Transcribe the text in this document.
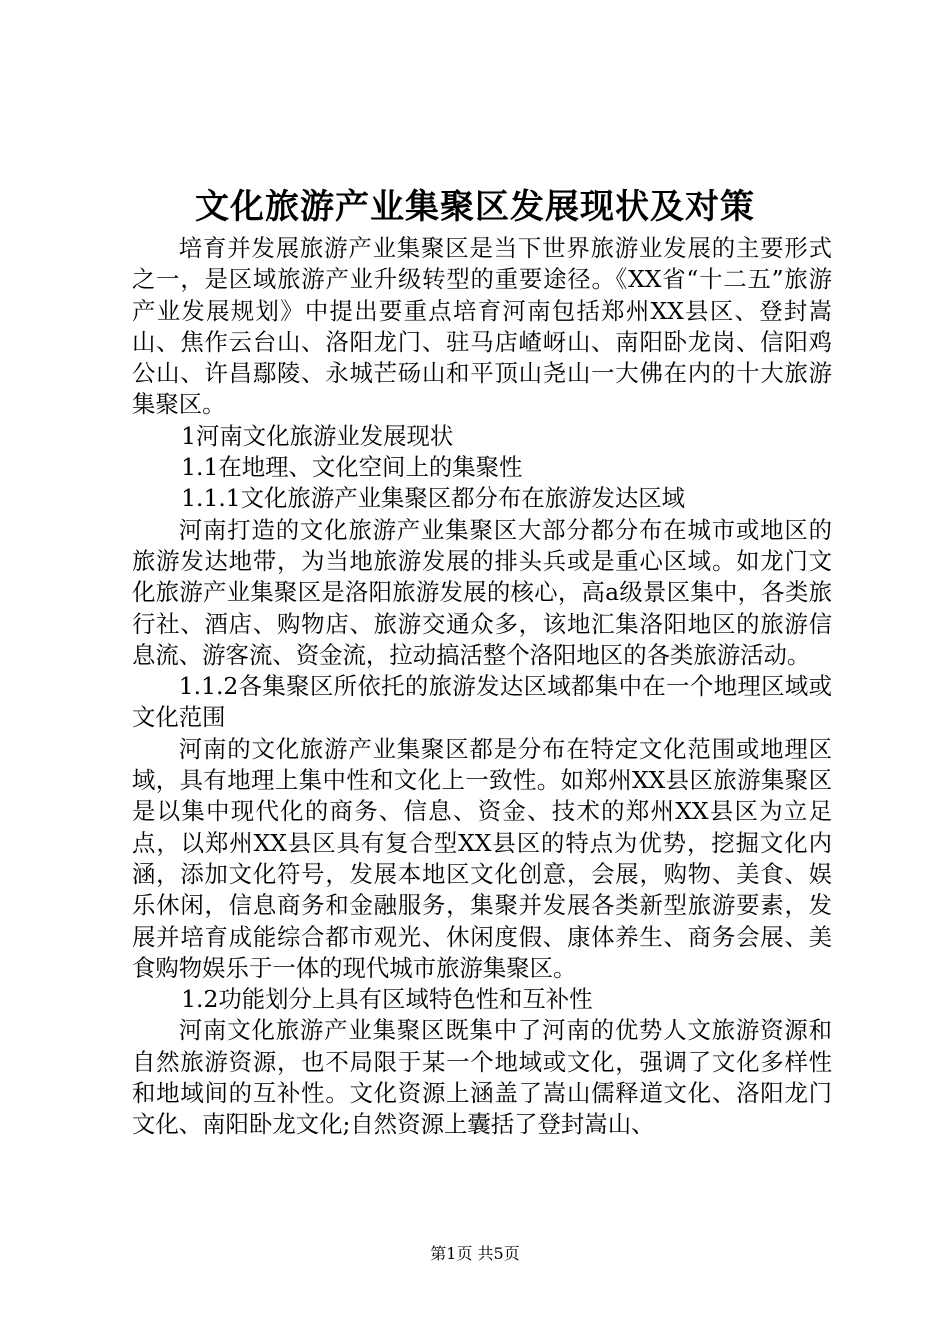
文化旅游产业集聚区发展现状及对策

培育并发展旅游产业集聚区是当下世界旅游业发展的主要形式之一，是区域旅游产业升级转型的重要途径。《XX省“十二五”旅游产业发展规划》中提出要重点培育河南包括郑州XX县区、登封嵩山、焦作云台山、洛阳龙门、驻马店嵖岈山、南阳卧龙岗、信阳鸡公山、许昌鄢陵、永城芒砀山和平顶山尧山一大佛在内的十大旅游集聚区。

1河南文化旅游业发展现状

1.1在地理、文化空间上的集聚性

1.1.1文化旅游产业集聚区都分布在旅游发达区域

河南打造的文化旅游产业集聚区大部分都分布在城市或地区的旅游发达地带，为当地旅游发展的排头兵或是重心区域。如龙门文化旅游产业集聚区是洛阳旅游发展的核心，高a级景区集中，各类旅行社、酒店、购物店、旅游交通众多，该地汇集洛阳地区的旅游信息流、游客流、资金流，拉动搞活整个洛阳地区的各类旅游活动。

1.1.2各集聚区所依托的旅游发达区域都集中在一个地理区域或文化范围

河南的文化旅游产业集聚区都是分布在特定文化范围或地理区域，具有地理上集中性和文化上一致性。如郑州XX县区旅游集聚区是以集中现代化的商务、信息、资金、技术的郑州XX县区为立足点，以郑州XX县区具有复合型XX县区的特点为优势，挖掘文化内涵，添加文化符号，发展本地区文化创意，会展，购物、美食、娱乐休闲，信息商务和金融服务，集聚并发展各类新型旅游要素，发展并培育成能综合都市观光、休闲度假、康体养生、商务会展、美食购物娱乐于一体的现代城市旅游集聚区。

1.2功能划分上具有区域特色性和互补性

河南文化旅游产业集聚区既集中了河南的优势人文旅游资源和自然旅游资源，也不局限于某一个地域或文化，强调了文化多样性和地域间的互补性。文化资源上涵盖了嵩山儒释道文化、洛阳龙门文化、南阳卧龙文化;自然资源上囊括了登封嵩山、

第1页 共5页
